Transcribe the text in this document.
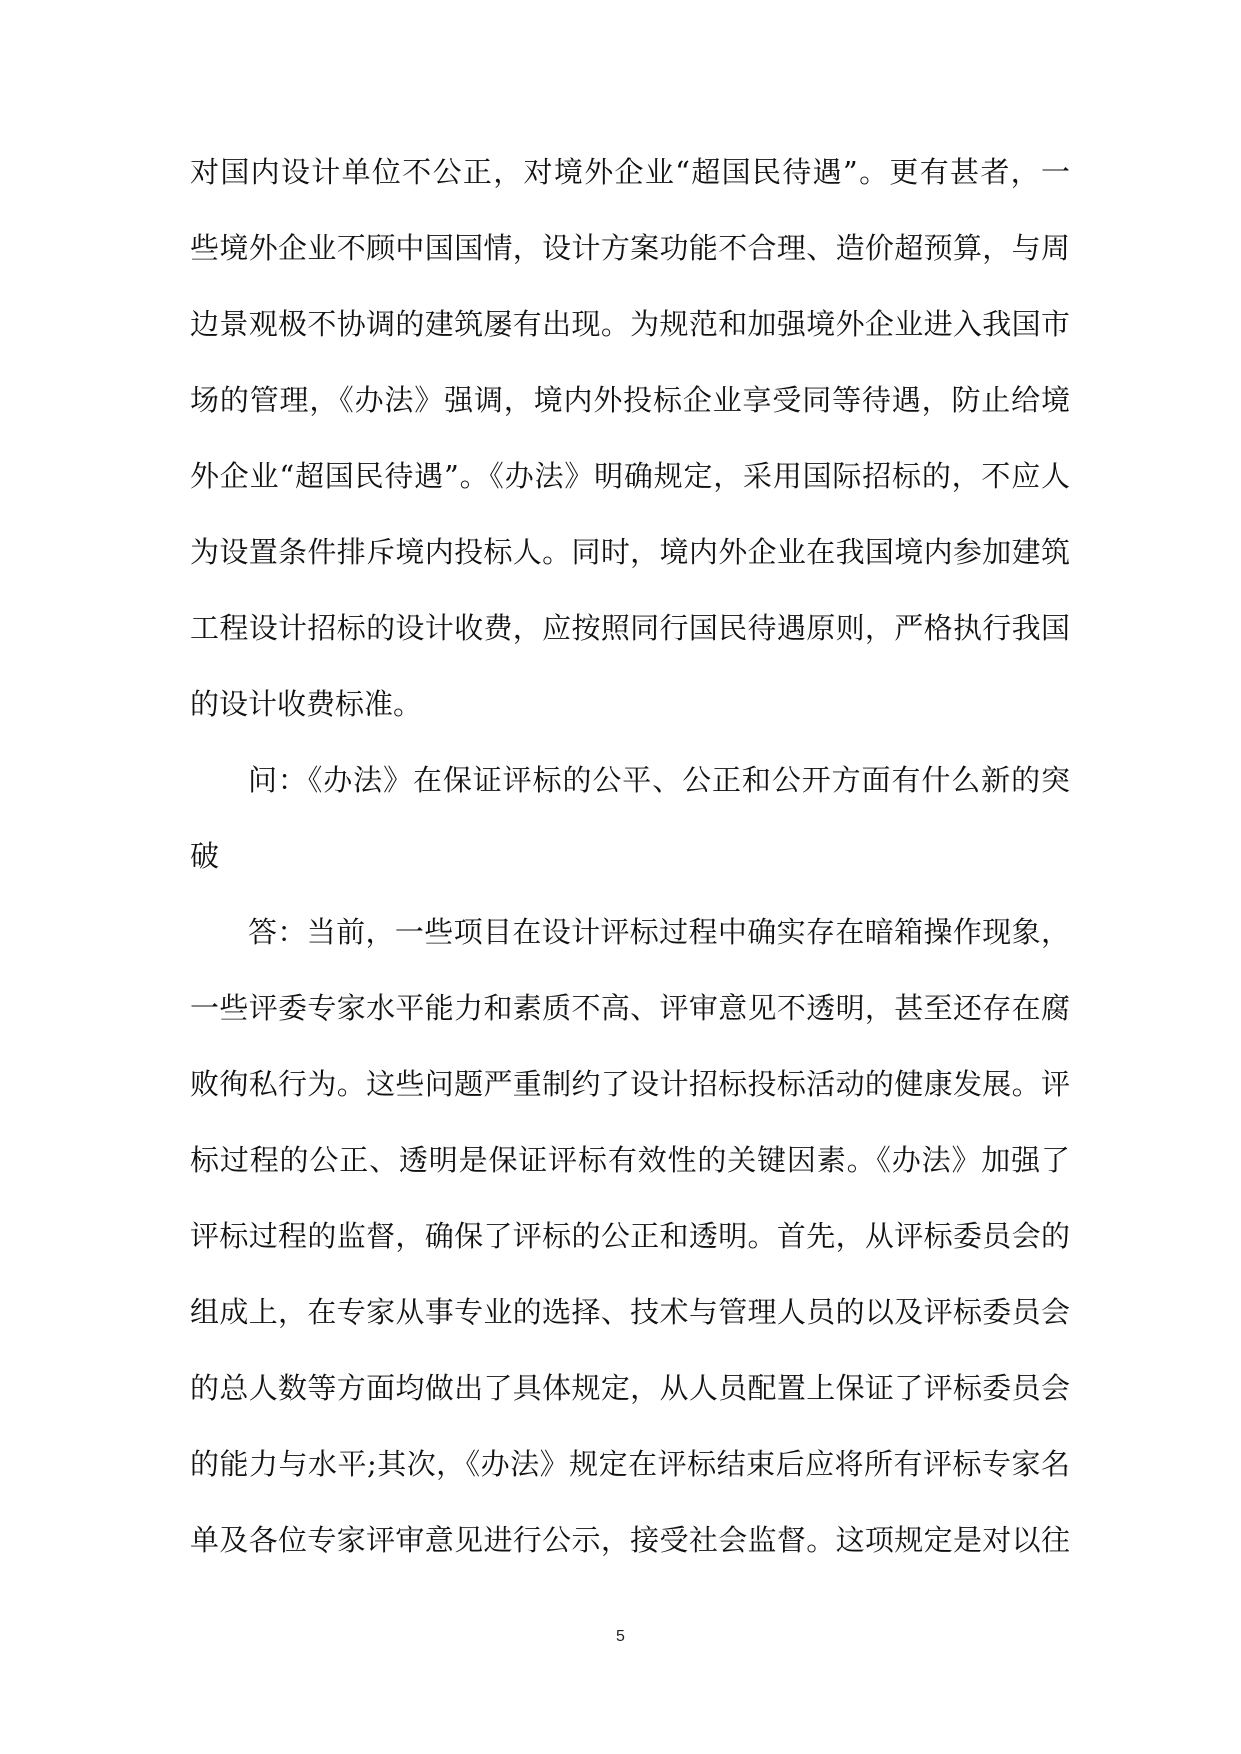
对国内设计单位不公正，对境外企业“超国民待遇”。更有甚者，一
些境外企业不顾中国国情，设计方案功能不合理、造价超预算，与周
边景观极不协调的建筑屡有出现。为规范和加强境外企业进入我国市
场的管理，《办法》强调，境内外投标企业享受同等待遇，防止给境
外企业“超国民待遇”。《办法》明确规定，采用国际招标的，不应人
为设置条件排斥境内投标人。同时，境内外企业在我国境内参加建筑
工程设计招标的设计收费，应按照同行国民待遇原则，严格执行我国
的设计收费标准。
问：《办法》在保证评标的公平、公正和公开方面有什么新的突
破
答：当前，一些项目在设计评标过程中确实存在暗箱操作现象，
一些评委专家水平能力和素质不高、评审意见不透明，甚至还存在腐
败徇私行为。这些问题严重制约了设计招标投标活动的健康发展。评
标过程的公正、透明是保证评标有效性的关键因素。《办法》加强了
评标过程的监督，确保了评标的公正和透明。首先，从评标委员会的
组成上，在专家从事专业的选择、技术与管理人员的以及评标委员会
的总人数等方面均做出了具体规定，从人员配置上保证了评标委员会
的能力与水平;其次，《办法》规定在评标结束后应将所有评标专家名
单及各位专家评审意见进行公示，接受社会监督。这项规定是对以往
5
